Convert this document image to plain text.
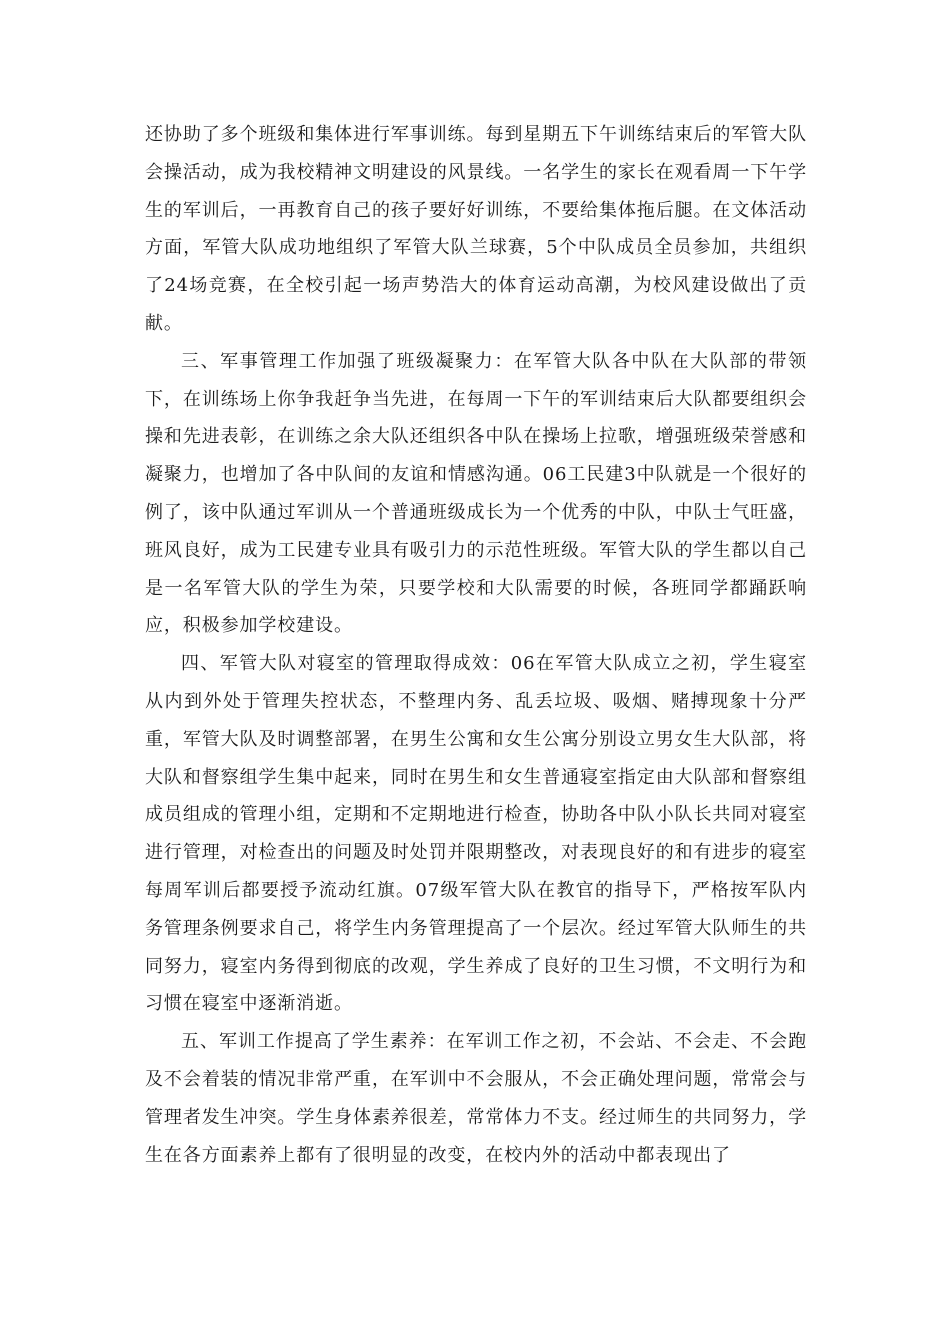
还协助了多个班级和集体进行军事训练。每到星期五下午训练结束后的军管大队会操活动，成为我校精神文明建设的风景线。一名学生的家长在观看周一下午学生的军训后，一再教育自己的孩子要好好训练，不要给集体拖后腿。在文体活动方面，军管大队成功地组织了军管大队兰球赛，5个中队成员全员参加，共组织了24场竞赛，在全校引起一场声势浩大的体育运动高潮，为校风建设做出了贡献。

三、军事管理工作加强了班级凝聚力：在军管大队各中队在大队部的带领下，在训练场上你争我赶争当先进，在每周一下午的军训结束后大队都要组织会操和先进表彰，在训练之余大队还组织各中队在操场上拉歌，增强班级荣誉感和凝聚力，也增加了各中队间的友谊和情感沟通。06工民建3中队就是一个很好的例了，该中队通过军训从一个普通班级成长为一个优秀的中队，中队士气旺盛，班风良好，成为工民建专业具有吸引力的示范性班级。军管大队的学生都以自己是一名军管大队的学生为荣，只要学校和大队需要的时候，各班同学都踊跃响应，积极参加学校建设。

四、军管大队对寝室的管理取得成效：06在军管大队成立之初，学生寝室从内到外处于管理失控状态，不整理内务、乱丢垃圾、吸烟、赌搏现象十分严重，军管大队及时调整部署，在男生公寓和女生公寓分别设立男女生大队部，将大队和督察组学生集中起来，同时在男生和女生普通寝室指定由大队部和督察组成员组成的管理小组，定期和不定期地进行检查，协助各中队小队长共同对寝室进行管理，对检查出的问题及时处罚并限期整改，对表现良好的和有进步的寝室每周军训后都要授予流动红旗。07级军管大队在教官的指导下，严格按军队内务管理条例要求自己，将学生内务管理提高了一个层次。经过军管大队师生的共同努力，寝室内务得到彻底的改观，学生养成了良好的卫生习惯，不文明行为和习惯在寝室中逐渐消逝。

五、军训工作提高了学生素养：在军训工作之初，不会站、不会走、不会跑及不会着装的情况非常严重，在军训中不会服从，不会正确处理问题，常常会与管理者发生冲突。学生身体素养很差，常常体力不支。经过师生的共同努力，学生在各方面素养上都有了很明显的改变，在校内外的活动中都表现出了
